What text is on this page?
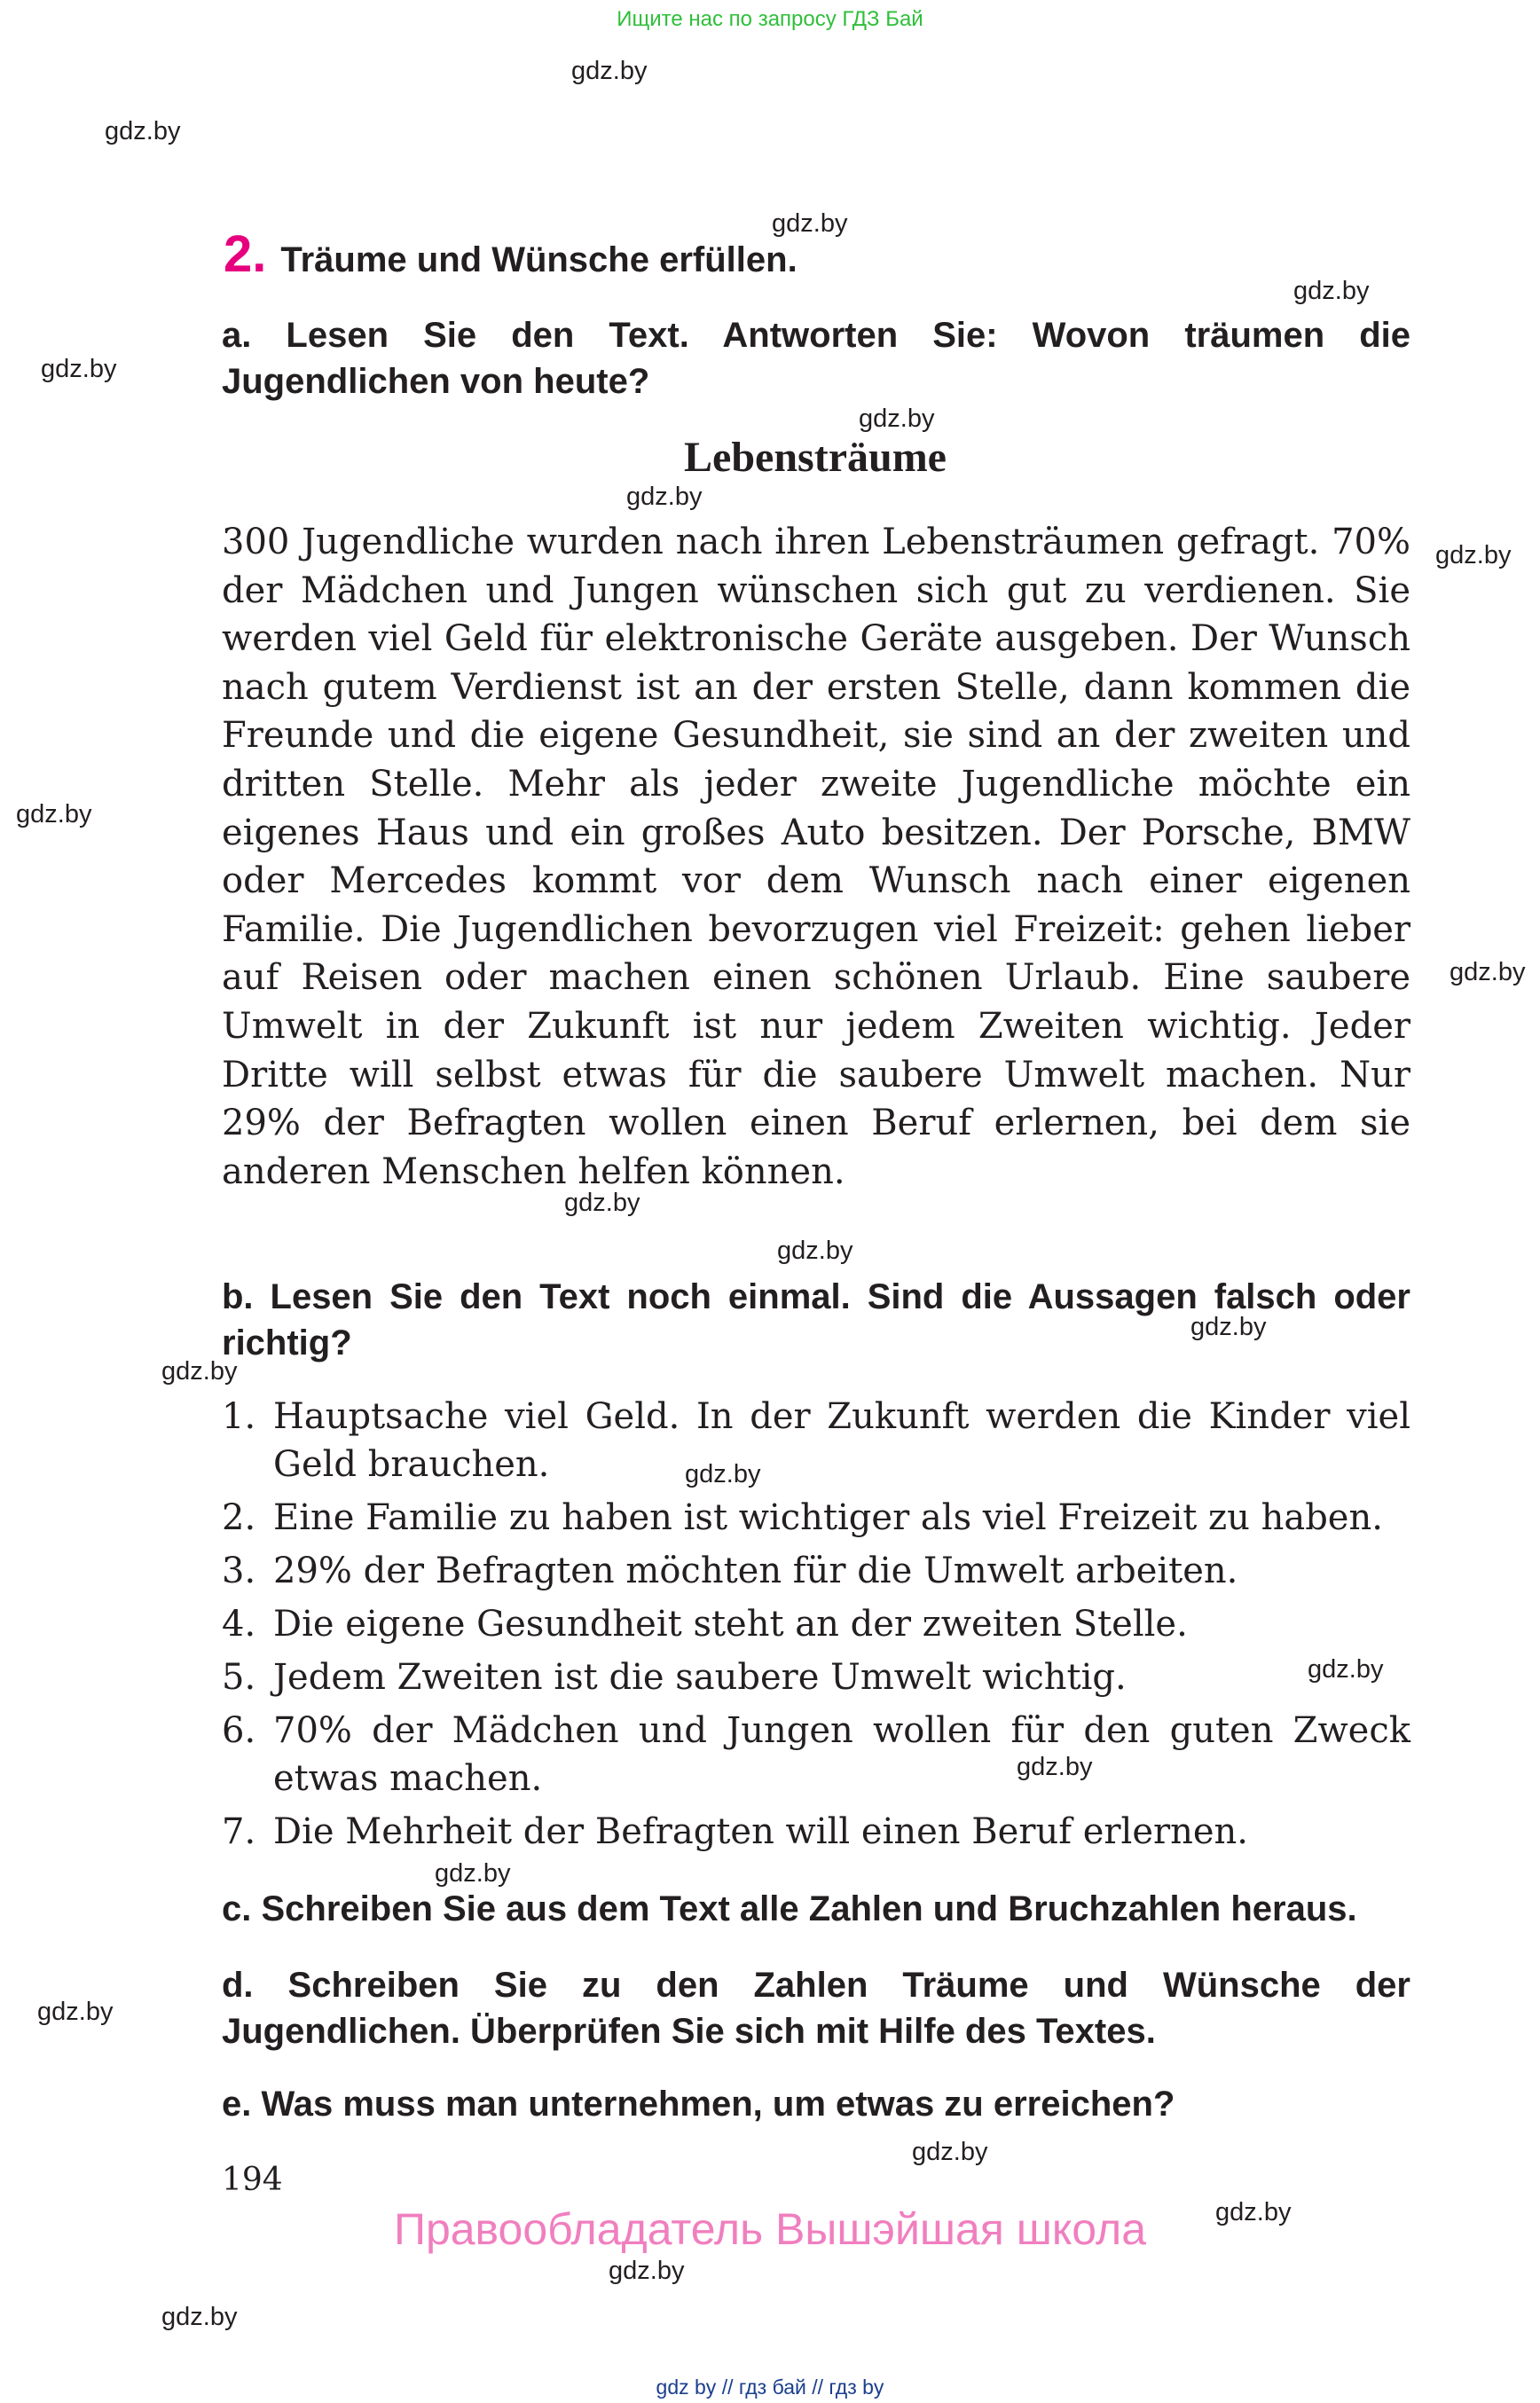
Ищите нас по запросу ГДЗ Бай
2. Träume und Wünsche erfüllen.
a. Lesen Sie den Text. Antworten Sie: Wovon träumen die Jugendlichen von heute?
Lebensträume
300 Jugendliche wurden nach ihren Lebensträumen gefragt. 70% der Mädchen und Jungen wünschen sich gut zu verdienen. Sie werden viel Geld für elektronische Geräte ausgeben. Der Wunsch nach gutem Verdienst ist an der ersten Stelle, dann kommen die Freunde und die eigene Gesundheit, sie sind an der zweiten und dritten Stelle. Mehr als jeder zweite Jugendliche möchte ein eigenes Haus und ein großes Auto besitzen. Der Porsche, BMW oder Mercedes kommt vor dem Wunsch nach einer eigenen Familie. Die Jugendlichen bevorzugen viel Freizeit: gehen lieber auf Reisen oder machen einen schönen Urlaub. Eine saubere Umwelt in der Zukunft ist nur jedem Zweiten wichtig. Jeder Dritte will selbst etwas für die saubere Umwelt machen. Nur 29% der Befragten wollen einen Beruf erlernen, bei dem sie anderen Menschen helfen können.
b. Lesen Sie den Text noch einmal. Sind die Aussagen falsch oder richtig?
1. Hauptsache viel Geld. In der Zukunft werden die Kinder viel Geld brauchen.
2. Eine Familie zu haben ist wichtiger als viel Freizeit zu haben.
3. 29% der Befragten möchten für die Umwelt arbeiten.
4. Die eigene Gesundheit steht an der zweiten Stelle.
5. Jedem Zweiten ist die saubere Umwelt wichtig.
6. 70% der Mädchen und Jungen wollen für den guten Zweck etwas machen.
7. Die Mehrheit der Befragten will einen Beruf erlernen.
c. Schreiben Sie aus dem Text alle Zahlen und Bruchzahlen heraus.
d. Schreiben Sie zu den Zahlen Träume und Wünsche der Jugendlichen. Überprüfen Sie sich mit Hilfe des Textes.
e. Was muss man unternehmen, um etwas zu erreichen?
194
Правообладатель Вышэйшая школа
gdz.by
gdz.by
gdz.by
gdz.by
gdz.by
gdz.by
gdz.by
gdz.by
gdz.by
gdz.by
gdz.by
gdz.by
gdz.by
gdz.by
gdz.by
gdz.by
gdz.by
gdz.by
gdz.by
gdz.by
gdz.by
gdz.by
gdz.by
gdz by // гдз бай // гдз by
